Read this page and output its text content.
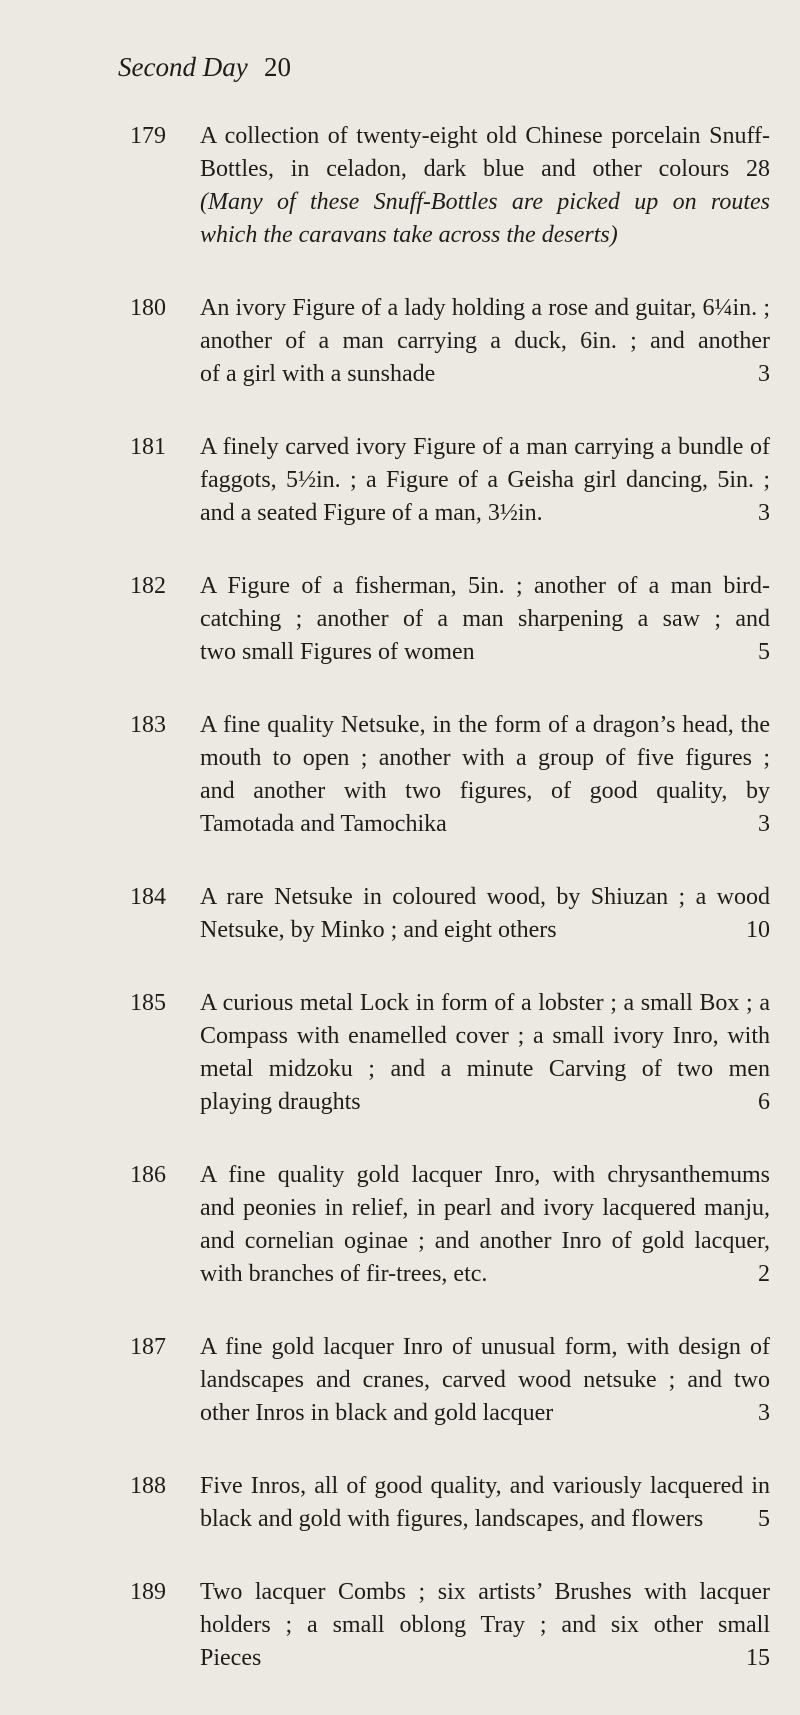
Second Day 20
179 A collection of twenty-eight old Chinese porcelain Snuff-
Bottles, in celadon, dark blue and other colours 28
(Many of these Snuff-Bottles are picked up on routes
which the caravans take across the deserts)
180 An ivory Figure of a lady holding a rose and guitar, 6¼in. ;
another of a man carrying a duck, 6in. ; and another
of a girl with a sunshade	3
181 A finely carved ivory Figure of a man carrying a bundle of
faggots, 5½in. ; a Figure of a Geisha girl dancing, 5in. ;
and a seated Figure of a man, 3½in.	3
182 A Figure of a fisherman, 5in. ; another of a man bird-
catching ; another of a man sharpening a saw ; and
two small Figures of women	5
183 A fine quality Netsuke, in the form of a dragon’s head, the
mouth to open ; another with a group of five figures ;
and another with two figures, of good quality, by
Tamotada and Tamochika	3
184 A rare Netsuke in coloured wood, by Shiuzan ; a wood
Netsuke, by Minko ; and eight others	10
185 A curious metal Lock in form of a lobster ; a small Box ; a
Compass with enamelled cover ; a small ivory Inro, with
metal midzoku ; and a minute Carving of two men
playing draughts	6
186 A fine quality gold lacquer Inro, with chrysanthemums
and peonies in relief, in pearl and ivory lacquered manju,
and cornelian oginae ; and another Inro of gold lacquer,
with branches of fir-trees, etc.	2
187 A fine gold lacquer Inro of unusual form, with design of
landscapes and cranes, carved wood netsuke ; and two
other Inros in black and gold lacquer	3
188 Five Inros, all of good quality, and variously lacquered in
black and gold with figures, landscapes, and flowers 5
189 Two lacquer Combs ; six artists’ Brushes with lacquer
holders ; a small oblong Tray ; and six other small
Pieces	15
